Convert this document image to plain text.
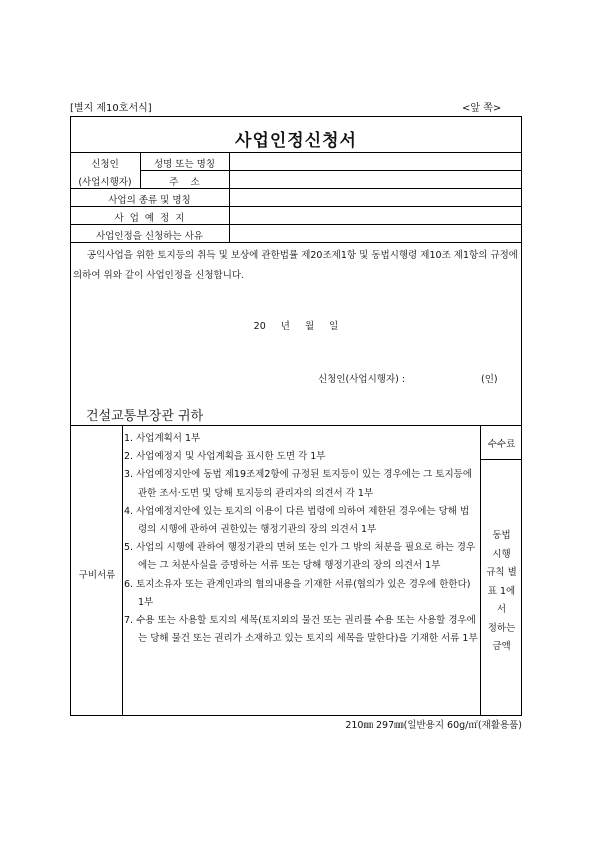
[별지 제10호서식]	<앞 쪽>
사업인정신청서
신청인
(사업시행자)
성명 또는 명칭
주    소
사업의 종류 및 명칭
사 업 예 정 지
사업인정을 신청하는 사유
공익사업을 위한 토지등의 취득 및 보상에 관한법률 제20조제1항 및 동법시행령 제10조 제1항의 규정에 의하여 위와 같이 사업인정을 신청합니다.
20 년 월 일
신청인(사업시행자) :	(인)
건설교통부장관 귀하
구비서류
1. 사업계획서 1부
2. 사업예정지 및 사업계획을 표시한 도면 각 1부
3. 사업예정지안에 동법 제19조제2항에 규정된 토지등이 있는 경우에는 그 토지등에 관한 조서·도면 및 당해 토지등의 관리자의 의견서 각 1부
4. 사업예정지안에 있는 토지의 이용이 다른 법령에 의하여 제한된 경우에는 당해 법령의 시행에 관하여 권한있는 행정기관의 장의 의견서 1부
5. 사업의 시행에 관하여 행정기관의 면허 또는 인가 그 밖의 처분을 필요로 하는 경우에는 그 처분사실을 증명하는 서류 또는 당해 행정기관의 장의 의견서 1부
6. 토지소유자 또는 관계인과의 협의내용을 기재한 서류(협의가 있은 경우에 한한다) 1부
7. 수용 또는 사용할 토지의 세목(토지외의 물건 또는 권리를 수용 또는 사용할 경우에는 당해 물건 또는 권리가 소재하고 있는 토지의 세목을 말한다)을 기재한 서류 1부
수수료
동법
시행
규칙 별
표 1에
서
정하는
금액
210㎜ 297㎜(일반용지 60g/㎡(재활용품)
